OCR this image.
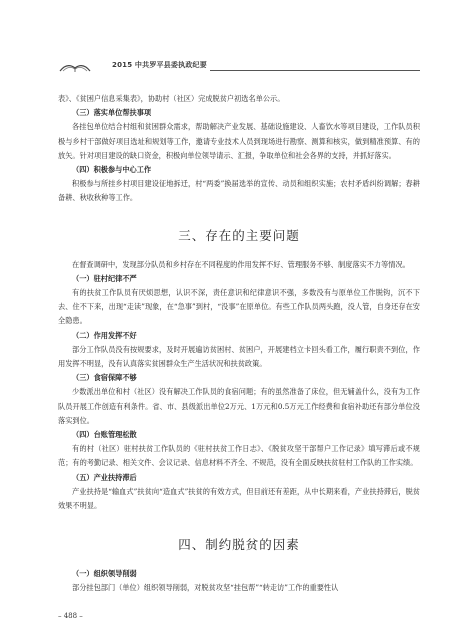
2015 中共罗平县委执政纪要

表》、《贫困户信息采集表》，协助村（社区）完成脱贫户初选名单公示。

（三）落实单位帮扶事项

各挂包单位结合村组和贫困群众需求，帮助解决产业发展、基础设施建设、人畜饮水等项目建设，工作队员积极与乡村干部做好项目选址和规划等工作，邀请专业技术人员到现场进行勘察、测算和核实，做到精准预算、有的放矢。针对项目建设的缺口资金，积极向单位领导请示、汇报，争取单位和社会各界的支持，并抓好落实。

（四）积极参与中心工作

积极参与所挂乡村项目建设征地拆迁，村“两委”换届选举的宣传、动员和组织实施；农村矛盾纠纷调解；春耕备耕、秋收秋种等工作。

三、存在的主要问题

在督查调研中，发现部分队员和乡村存在不同程度的作用发挥不好、管理服务不够、制度落实不力等情况。

（一）驻村纪律不严

有的扶贫工作队员有厌烦思想，认识不深，责任意识和纪律意识不强，多数没有与原单位工作脱钩，沉不下去、住不下来，出现“走读”现象，在“急事”到村，“没事”在原单位。有些工作队员两头跑，没人管，自身还存在安全隐患。

（二）作用发挥不好

部分工作队员没有按规要求，及时开展遍访贫困村、贫困户，开展建档立卡回头看工作，履行职责不到位，作用发挥不明显，没有认真落实贫困群众生产生活状况和扶贫政策。

（三）食宿保障不够

少数派出单位和村（社区）没有解决工作队员的食宿问题；有的虽然准备了床位，但无辅盖什么，没有为工作队员开展工作创造有利条件。省、市、县级派出单位2万元、1万元和0.5万元工作经费和食宿补助还有部分单位没落实到位。

（四）台账管理松散

有的村（社区）驻村扶贫工作队员的《驻村扶贫工作日志》、《脱贫攻坚干部帮户工作记录》填写滞后或不规范；有的考勤记录、相关文件、会议记录、信息材料不齐全、不规范，没有全面反映扶贫驻村工作队的工作实绩。

（五）产业扶持滞后

产业扶持是“输血式”扶贫向“造血式”扶贫的有效方式，但目前还有差距，从中长期来看，产业扶持滞后，脱贫效果不明显。

四、制约脱贫的因素
（一）组织领导削弱

部分挂包部门（单位）组织领导削弱，对脱贫攻坚“挂包帮”“转走访”工作的重要性认

– 488 –
